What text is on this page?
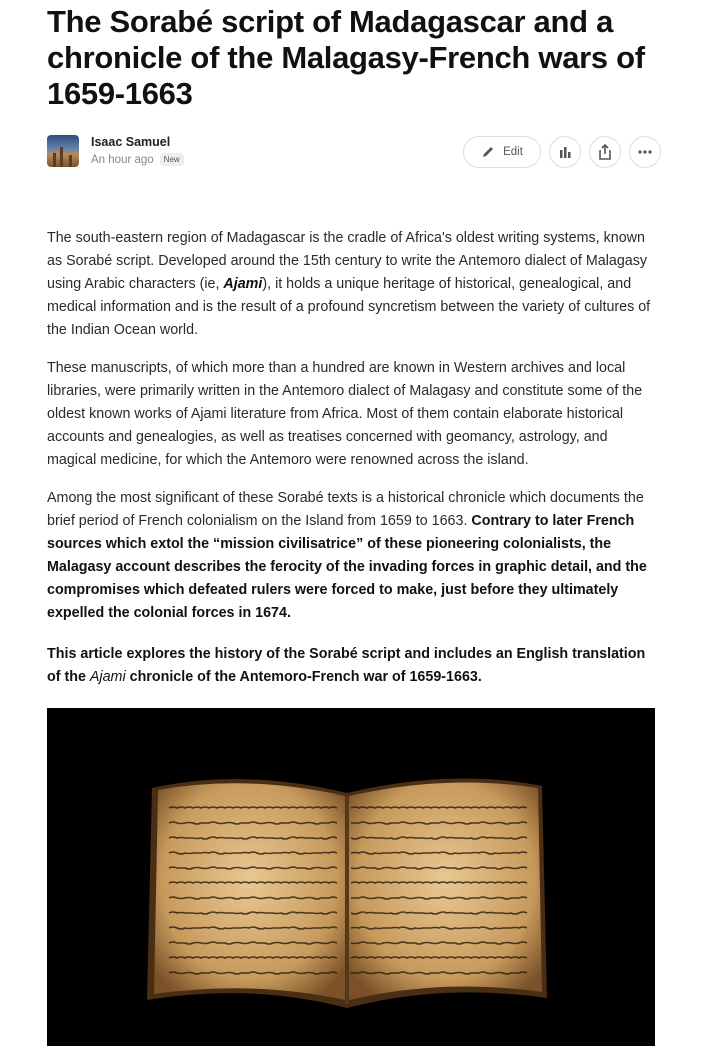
The Sorabé script of Madagascar and a chronicle of the Malagasy-French wars of 1659-1663
Isaac Samuel
An hour ago	New
Edit

The south-eastern region of Madagascar is the cradle of Africa's oldest writing systems, known as Sorabé script. Developed around the 15th century to write the Antemoro dialect of Malagasy using Arabic characters (ie, Ajami), it holds a unique heritage of historical, genealogical, and medical information and is the result of a profound syncretism between the variety of cultures of the Indian Ocean world.

These manuscripts, of which more than a hundred are known in Western archives and local libraries, were primarily written in the Antemoro dialect of Malagasy and constitute some of the oldest known works of Ajami literature from Africa. Most of them contain elaborate historical accounts and genealogies, as well as treatises concerned with geomancy, astrology, and magical medicine, for which the Antemoro were renowned across the island.

Among the most significant of these Sorabé texts is a historical chronicle which documents the brief period of French colonialism on the Island from 1659 to 1663. Contrary to later French sources which extol the “mission civilisatrice” of these pioneering colonialists, the Malagasy account describes the ferocity of the invading forces in graphic detail, and the compromises which defeated rulers were forced to make, just before they ultimately expelled the colonial forces in 1674.

This article explores the history of the Sorabé script and includes an English translation of the Ajami chronicle of the Antemoro-French war of 1659-1663.
